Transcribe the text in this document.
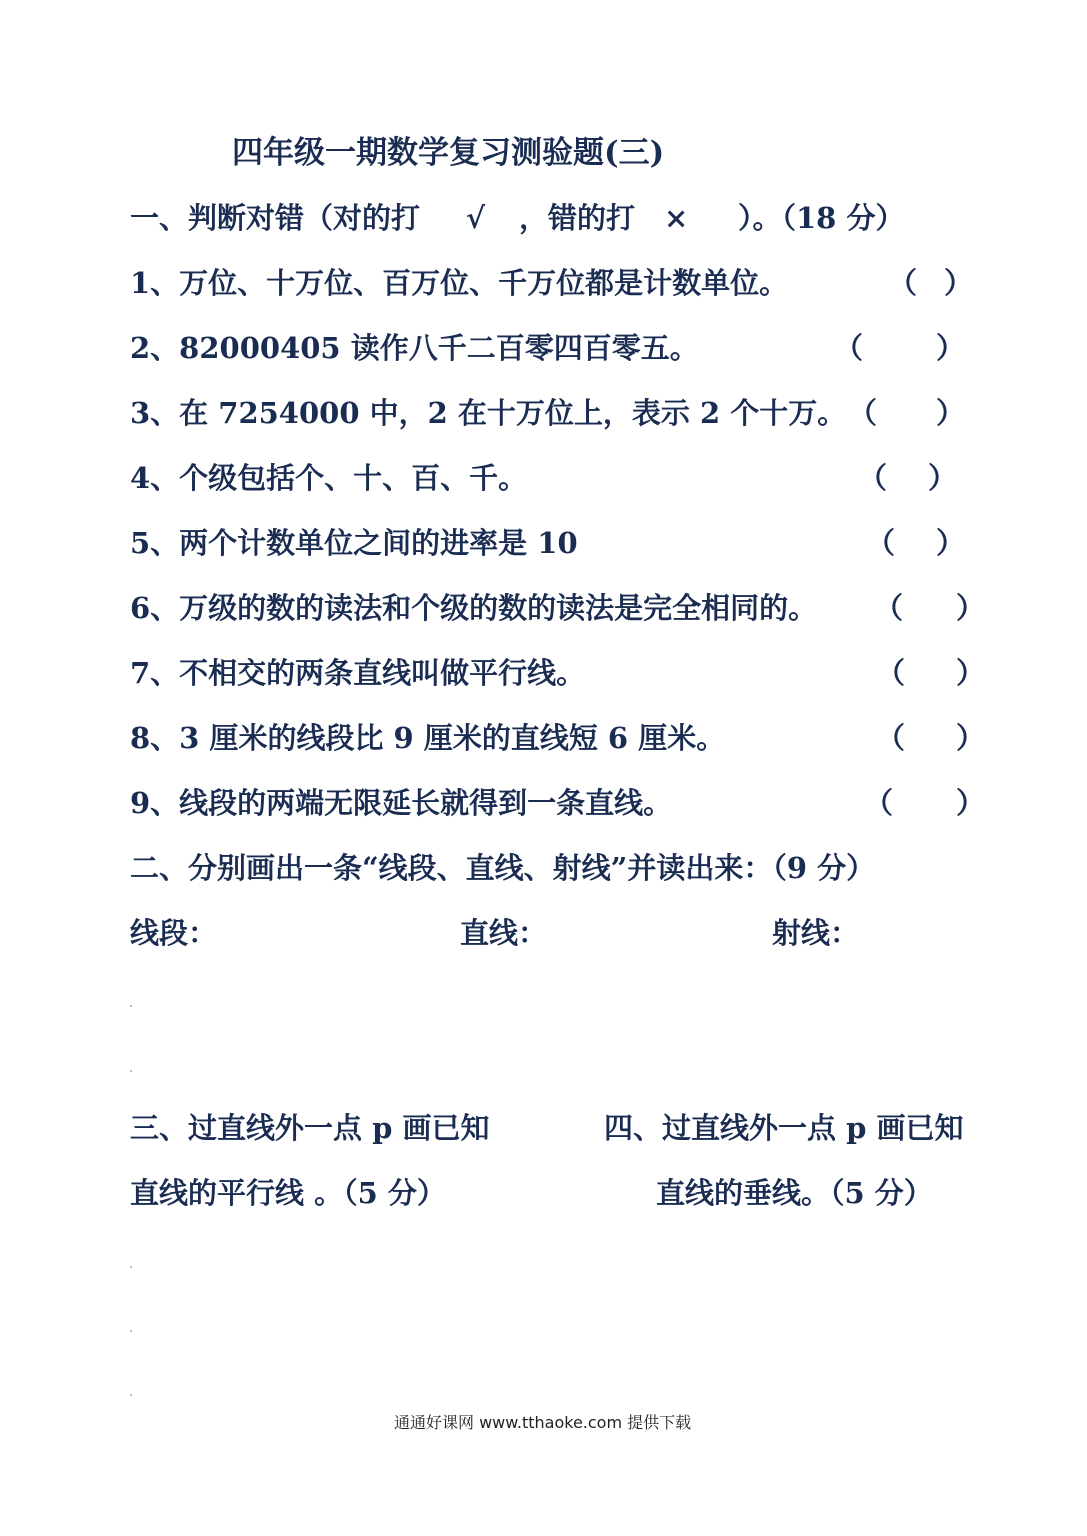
四年级一期数学复习测验题(三)
一、判断对错（对的打 √ ，错的打 × ）。（18 分）
1、万位、十万位、百万位、千万位都是计数单位。	（ ）
2、82000405 读作八千二百零四百零五。	（	）
3、在 7254000 中，2 在十万位上，表示 2 个十万。 （ ）
4、个级包括个、十、百、千。	（ ）
5、两个计数单位之间的进率是 10	（ ）
6、万级的数的读法和个级的数的读法是完全相同的。 （ ）
7、不相交的两条直线叫做平行线。	（ ）
8、3 厘米的线段比 9 厘米的直线短 6 厘米。	（ ）
9、线段的两端无限延长就得到一条直线。	（ ）
二、分别画出一条“线段、直线、射线”并读出来：（9 分）
线段：	直线：	射线：
三、过直线外一点 p 画已知
直线的平行线 。（5 分）
四、过直线外一点 p 画已知
直线的垂线。（5 分）
通通好课网 www.tthaoke.com 提供下载
